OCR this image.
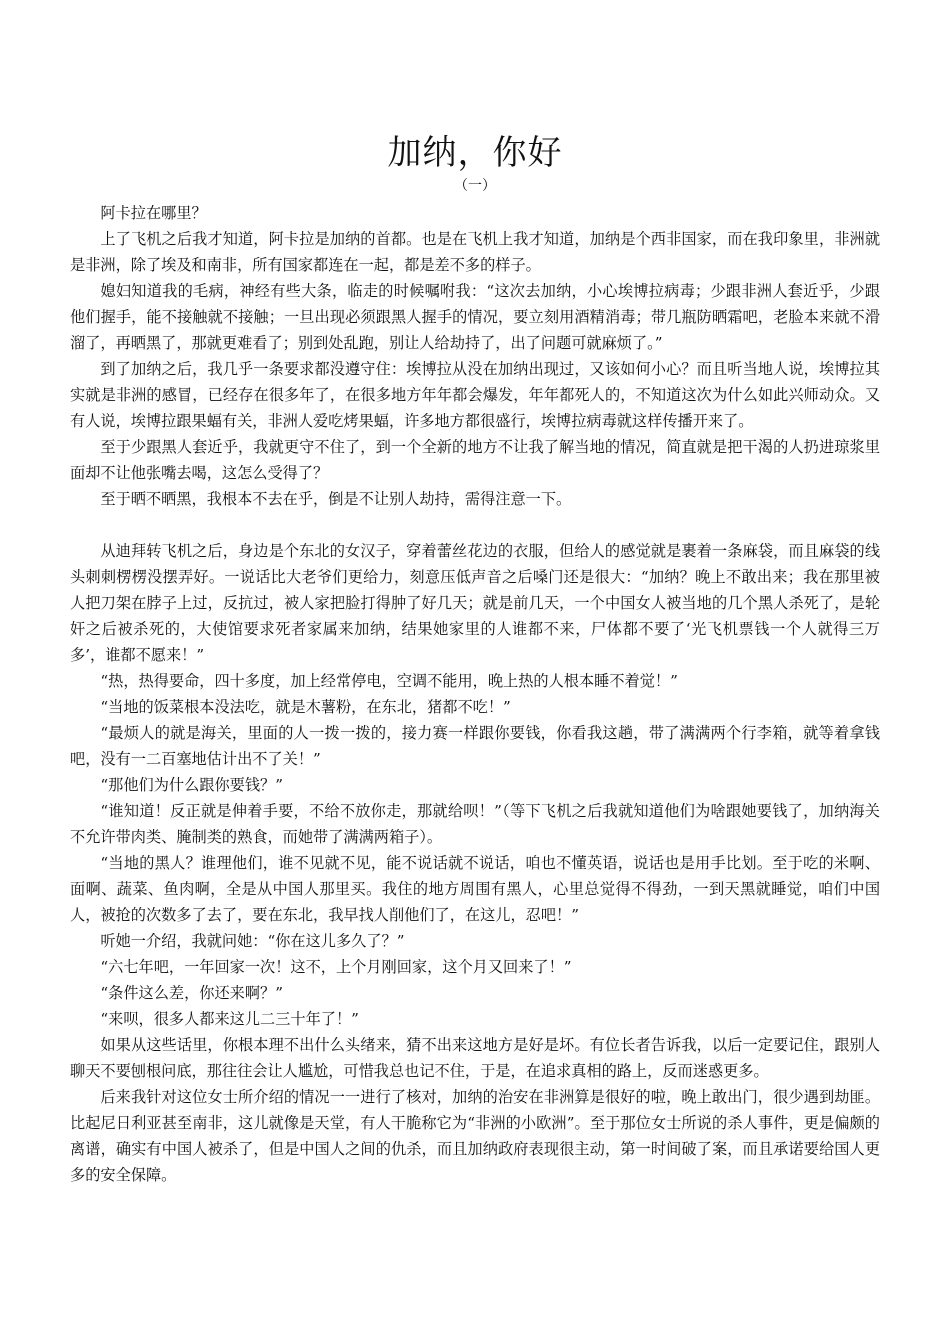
加纳，你好
（一）

阿卡拉在哪里？

上了飞机之后我才知道，阿卡拉是加纳的首都。也是在飞机上我才知道，加纳是个西非国家，而在我印象里，非洲就是非洲，除了埃及和南非，所有国家都连在一起，都是差不多的样子。

媳妇知道我的毛病，神经有些大条，临走的时候嘱咐我：“这次去加纳，小心埃博拉病毒；少跟非洲人套近乎，少跟他们握手，能不接触就不接触；一旦出现必须跟黑人握手的情况，要立刻用酒精消毒；带几瓶防晒霜吧，老脸本来就不滑溜了，再晒黑了，那就更难看了；别到处乱跑，别让人给劫持了，出了问题可就麻烦了。”

到了加纳之后，我几乎一条要求都没遵守住：埃博拉从没在加纳出现过，又该如何小心？而且听当地人说，埃博拉其实就是非洲的感冒，已经存在很多年了，在很多地方年年都会爆发，年年都死人的，不知道这次为什么如此兴师动众。又有人说，埃博拉跟果蝠有关，非洲人爱吃烤果蝠，许多地方都很盛行，埃博拉病毒就这样传播开来了。

至于少跟黑人套近乎，我就更守不住了，到一个全新的地方不让我了解当地的情况，简直就是把干渴的人扔进琼浆里面却不让他张嘴去喝，这怎么受得了？

至于晒不晒黑，我根本不去在乎，倒是不让别人劫持，需得注意一下。

从迪拜转飞机之后，身边是个东北的女汉子，穿着蕾丝花边的衣服，但给人的感觉就是裹着一条麻袋，而且麻袋的线头刺刺楞楞没摆弄好。一说话比大老爷们更给力，刻意压低声音之后嗓门还是很大：“加纳？晚上不敢出来；我在那里被人把刀架在脖子上过，反抗过，被人家把脸打得肿了好几天；就是前几天，一个中国女人被当地的几个黑人杀死了，是轮奸之后被杀死的，大使馆要求死者家属来加纳，结果她家里的人谁都不来，尸体都不要了‘光飞机票钱一个人就得三万多’，谁都不愿来！”

“热，热得要命，四十多度，加上经常停电，空调不能用，晚上热的人根本睡不着觉！”

“当地的饭菜根本没法吃，就是木薯粉，在东北，猪都不吃！”

“最烦人的就是海关，里面的人一拨一拨的，接力赛一样跟你要钱，你看我这趟，带了满满两个行李箱，就等着拿钱吧，没有一二百塞地估计出不了关！”

“那他们为什么跟你要钱？”

“谁知道！反正就是伸着手要，不给不放你走，那就给呗！”（等下飞机之后我就知道他们为啥跟她要钱了，加纳海关不允许带肉类、腌制类的熟食，而她带了满满两箱子）。

“当地的黑人？谁理他们，谁不见就不见，能不说话就不说话，咱也不懂英语，说话也是用手比划。至于吃的米啊、面啊、蔬菜、鱼肉啊，全是从中国人那里买。我住的地方周围有黑人，心里总觉得不得劲，一到天黑就睡觉，咱们中国人，被抢的次数多了去了，要在东北，我早找人削他们了，在这儿，忍吧！”

听她一介绍，我就问她：“你在这儿多久了？”

“六七年吧，一年回家一次！这不，上个月刚回家，这个月又回来了！”

“条件这么差，你还来啊？”

“来呗，很多人都来这儿二三十年了！”

如果从这些话里，你根本理不出什么头绪来，猜不出来这地方是好是坏。有位长者告诉我，以后一定要记住，跟别人聊天不要刨根问底，那往往会让人尴尬，可惜我总也记不住，于是，在追求真相的路上，反而迷惑更多。

后来我针对这位女士所介绍的情况一一进行了核对，加纳的治安在非洲算是很好的啦，晚上敢出门，很少遇到劫匪。比起尼日利亚甚至南非，这儿就像是天堂，有人干脆称它为“非洲的小欧洲”。至于那位女士所说的杀人事件，更是偏颇的离谱，确实有中国人被杀了，但是中国人之间的仇杀，而且加纳政府表现很主动，第一时间破了案，而且承诺要给国人更多的安全保障。
